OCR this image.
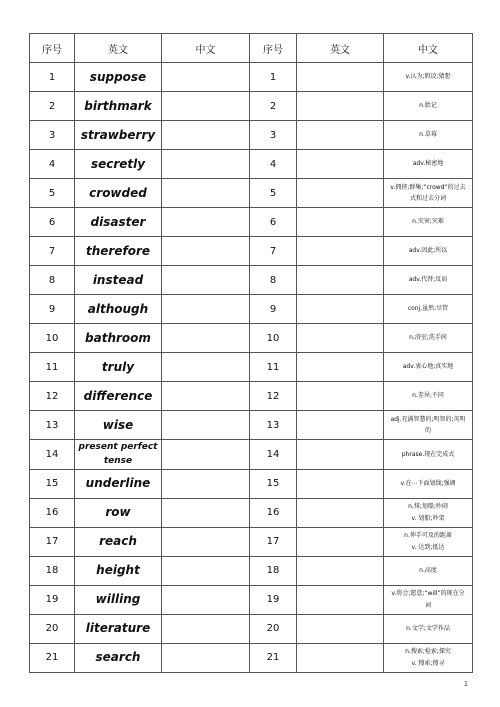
序号	英文	中文	序号	英文	中文
1	suppose		1		v.认为;假设;猜想

2	birthmark		2		n.胎记

3	strawberry		3		n.草莓

4	secretly		4		adv.秘密地

5	crowded		5		v.拥挤;群集;“crowd”的过去
式和过去分词

6	disaster		6		n.灾害;灾难

7	therefore		7		adv.因此;所以

8	instead		8		adv.代替;反而

9	although		9		conj.虽然;尽管

10	bathroom		10		n.浴室;洗手间

11	truly		11		adv.衷心地;真实地

12	difference		12		n.差异;不同

13	wise		13		adj.充满智慧的;明智的;英明
的

14	present perfect tense		14		phrase.现在完成式

15	underline		15		v.在⋯下面划线;强调

16	row		16		n.排;划船;吵闹
v. 划船;吵架

17	reach		17		n.伸手可及的距离
v. 达到;抵达

18	height		18		n.高度

19	willing		19		v.将会;愿意;“will”的现在分
词

20	literature		20		n.文学;文学作品

21	search		21		n.搜索;检索;探究
v. 搜索;搜寻
1
